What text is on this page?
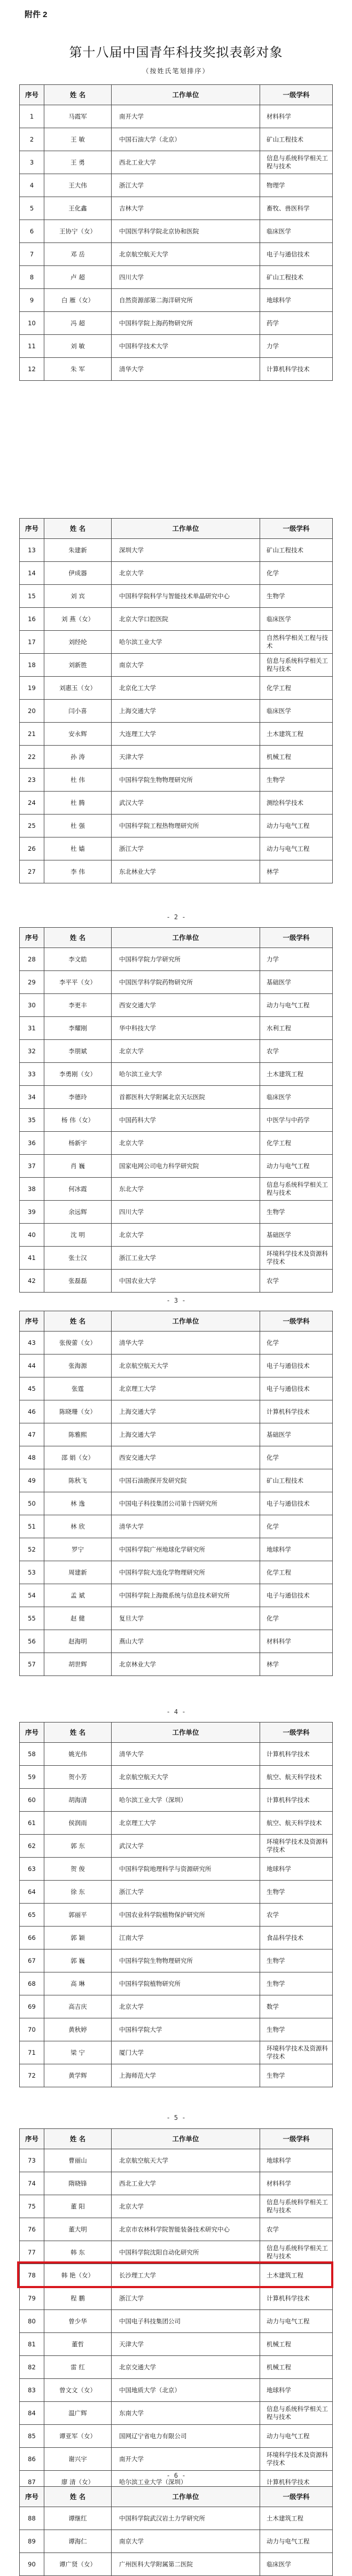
附件 2
第十八届中国青年科技奖拟表彰对象
（按姓氏笔划排序）
序号	姓 名	工作单位	一级学科
1	马霞军	南开大学	材料科学
2	王 敏	中国石油大学（北京）	矿山工程技术
3	王 勇	西北工业大学	信息与系统科学相关工程与技术
4	王大伟	浙江大学	物理学
5	王化鑫	吉林大学	畜牧、兽医科学
6	王协宁（女）	中国医学科学院北京协和医院	临床医学
7	邓 岳	北京航空航天大学	电子与通信技术
8	卢 超	四川大学	矿山工程技术
9	白 雁（女）	自然资源部第二海洋研究所	地球科学
10	冯 超	中国科学院上海药物研究所	药学
11	刘 敏	中国科学技术大学	力学
12	朱 军	清华大学	计算机科学技术
序号	姓 名	工作单位	一级学科
13	朱建新	深圳大学	矿山工程技术
14	伊成器	北京大学	化学
15	刘 宾	中国科学院科学与智能技术单晶研究中心	生物学
16	刘 燕（女）	北京大学口腔医院	临床医学
17	刘经纶	哈尔滨工业大学	自然科学相关工程与技术
18	刘新胜	南京大学	信息与系统科学相关工程与技术
19	刘惠玉（女）	北京化工大学	化学工程
20	闫小喜	上海交通大学	临床医学
21	安永辉	大连理工大学	土木建筑工程
22	孙 涛	天津大学	机械工程
23	杜 伟	中国科学院生物物理研究所	生物学
24	杜 腾	武汉大学	测绘科学技术
25	杜 强	中国科学院工程热物理研究所	动力与电气工程
26	杜 嫱	浙江大学	动力与电气工程
27	李 伟	东北林业大学	林学
序号	姓 名	工作单位	一级学科
28	李文皓	中国科学院力学研究所	力学
29	李平平（女）	中国医学科学院药物研究所	基础医学
30	李更丰	西安交通大学	动力与电气工程
31	李耀刚	华中科技大学	水利工程
32	李朋斌	北京大学	农学
33	李勇刚（女）	哈尔滨工业大学	土木建筑工程
34	李德玲	首都医科大学附属北京天坛医院	临床医学
35	杨 伟（女）	中国药科大学	中医学与中药学
36	杨新宇	北京大学	化学工程
37	肖 巍	国家电网公司电力科学研究院	动力与电气工程
38	何冰霞	东北大学	信息与系统科学相关工程与技术
39	余远辉	四川大学	生物学
40	沈 明	北京大学	基础医学
41	张士汉	浙江工业大学	环境科学技术及资源科学技术
42	张磊磊	中国农业大学	农学
序号	姓 名	工作单位	一级学科
43	张俊蕾（女）	清华大学	化学
44	张海源	北京航空航天大学	电子与通信技术
45	张霆	北京理工大学	电子与通信技术
46	陈晓珊（女）	上海交通大学	计算机科学技术
47	陈雅熙	上海交通大学	基础医学
48	邵 娟（女）	西安交通大学	化学
49	陈秋飞	中国石油勘探开发研究院	矿山工程技术
50	林 逸	中国电子科技集团公司第十四研究所	电子与通信技术
51	林 欣	清华大学	化学
52	罗宁	中国科学院广州地球化学研究所	地球科学
53	周建新	中国科学院大连化学物理研究所	化学工程
54	孟 斌	中国科学院上海微系统与信息技术研究所	电子与通信技术
55	赵 健	复旦大学	化学
56	赵海明	燕山大学	材料科学
57	胡世辉	北京林业大学	林学
序号	姓 名	工作单位	一级学科
58	姚光伟	清华大学	计算机科学技术
59	贺小芳	北京航空航天大学	航空、航天科学技术
60	胡海清	哈尔滨工业大学（深圳）	计算机科学技术
61	侯润雨	北京理工大学	航空、航天科学技术
62	郭 东	武汉大学	环境科学技术及资源科学技术
63	贺 俊	中国科学院地理科学与资源研究所	地球科学
64	徐 东	浙江大学	生物学
65	郭丽平	中国农业科学院植物保护研究所	农学
66	郭 颖	江南大学	食品科学技术
67	郭 巍	中国科学院生物物理研究所	生物学
68	高 琳	中国科学院植物研究所	生物学
69	高吉庆	北京大学	数学
70	黄秋婷	中国科学院大学	生物学
71	梁 宁	厦门大学	环境科学技术及资源科学技术
72	黄学辉	上海师范大学	生物学
序号	姓 名	工作单位	一级学科
73	曹丽山	北京航空航天大学	地球科学
74	隋晓锋	西北工业大学	材料科学
75	董 阳	北京大学	信息与系统科学相关工程与技术
76	董大明	北京市农林科学院智能装备技术研究中心	农学
77	韩 东	中国科学院沈阳自动化研究所	信息与系统科学相关工程与技术
78	韩 艳（女）	长沙理工大学	土木建筑工程
79	程 鹏	浙江大学	计算机科学技术
80	曾少华	中国电子科技集团公司	动力与电气工程
81	董哲	天津大学	机械工程
82	雷 红	北京交通大学	机械工程
83	曾文文（女）	中国地质大学（北京）	地球科学
84	温广辉	东南大学	信息与系统科学相关工程与技术
85	谭亚军（女）	国网辽宁省电力有限公司	动力与电气工程
86	谢兴宇	南开大学	环境科学技术及资源科学技术
87	廖 清（女）	哈尔滨工业大学（深圳）	计算机科学技术
序号	姓 名	工作单位	一级学科
88	谭继红	中国科学院武汉岩土力学研究所	土木建筑工程
89	谭海仁	南京大学	动力与电气工程
90	谭广贤（女）	广州医科大学附属第二医院	临床医学
- 2 -
- 3 -
- 4 -
- 5 -
- 6 -
